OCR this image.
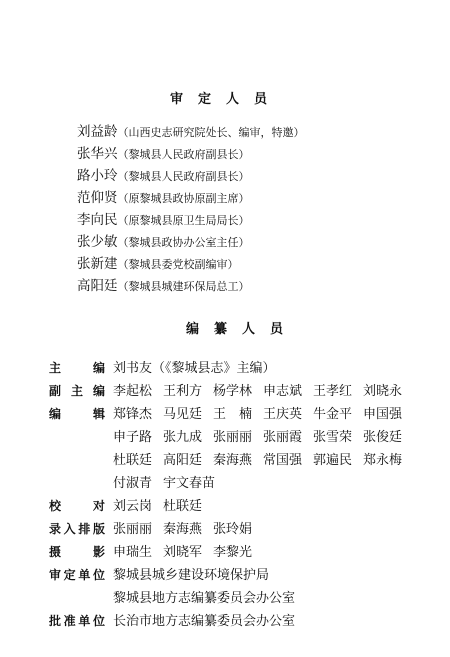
审定人员
刘益龄（山西史志研究院处长、编审，特邀）
张华兴（黎城县人民政府副县长）
路小玲（黎城县人民政府副县长）
范仰贤（原黎城县政协原副主席）
李向民（原黎城县原卫生局局长）
张少敏（黎城县政协办公室主任）
张新建（黎城县委党校副编审）
高阳廷（黎城县城建环保局总工）
编纂人员
主编 刘书友（《黎城县志》主编）
副主编 李起松 王利方 杨学林 申志斌 王孝红 刘晓永
编辑 郑锋杰 马见廷 王　楠 王庆英 牛金平 申国强
申子路 张九成 张丽丽 张丽霞 张雪荣 张俊廷
杜联廷 高阳廷 秦海燕 常国强 郭遍民 郑永梅
付淑青 宇文春苗
校对 刘云岗 杜联廷
录入排版 张丽丽 秦海燕 张玲娟
摄影 申瑞生 刘晓军 李黎光
审定单位 黎城县城乡建设环境保护局
黎城县地方志编纂委员会办公室
批准单位 长治市地方志编纂委员会办公室
